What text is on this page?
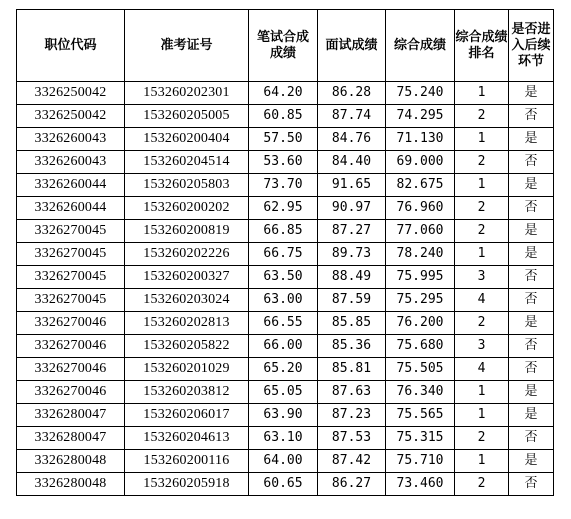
职位代码	准考证号	笔试合成成绩	面试成绩	综合成绩	综合成绩排名	是否进入后续环节

3326250042	153260202301	64.20	86.28	75.240	1	是
3326250042	153260205005	60.85	87.74	74.295	2	否
3326260043	153260200404	57.50	84.76	71.130	1	是
3326260043	153260204514	53.60	84.40	69.000	2	否
3326260044	153260205803	73.70	91.65	82.675	1	是
3326260044	153260200202	62.95	90.97	76.960	2	否
3326270045	153260200819	66.85	87.27	77.060	2	是
3326270045	153260202226	66.75	89.73	78.240	1	是
3326270045	153260200327	63.50	88.49	75.995	3	否
3326270045	153260203024	63.00	87.59	75.295	4	否
3326270046	153260202813	66.55	85.85	76.200	2	是
3326270046	153260205822	66.00	85.36	75.680	3	否
3326270046	153260201029	65.20	85.81	75.505	4	否
3326270046	153260203812	65.05	87.63	76.340	1	是
3326280047	153260206017	63.90	87.23	75.565	1	是
3326280047	153260204613	63.10	87.53	75.315	2	否
3326280048	153260200116	64.00	87.42	75.710	1	是
3326280048	153260205918	60.65	86.27	73.460	2	否
